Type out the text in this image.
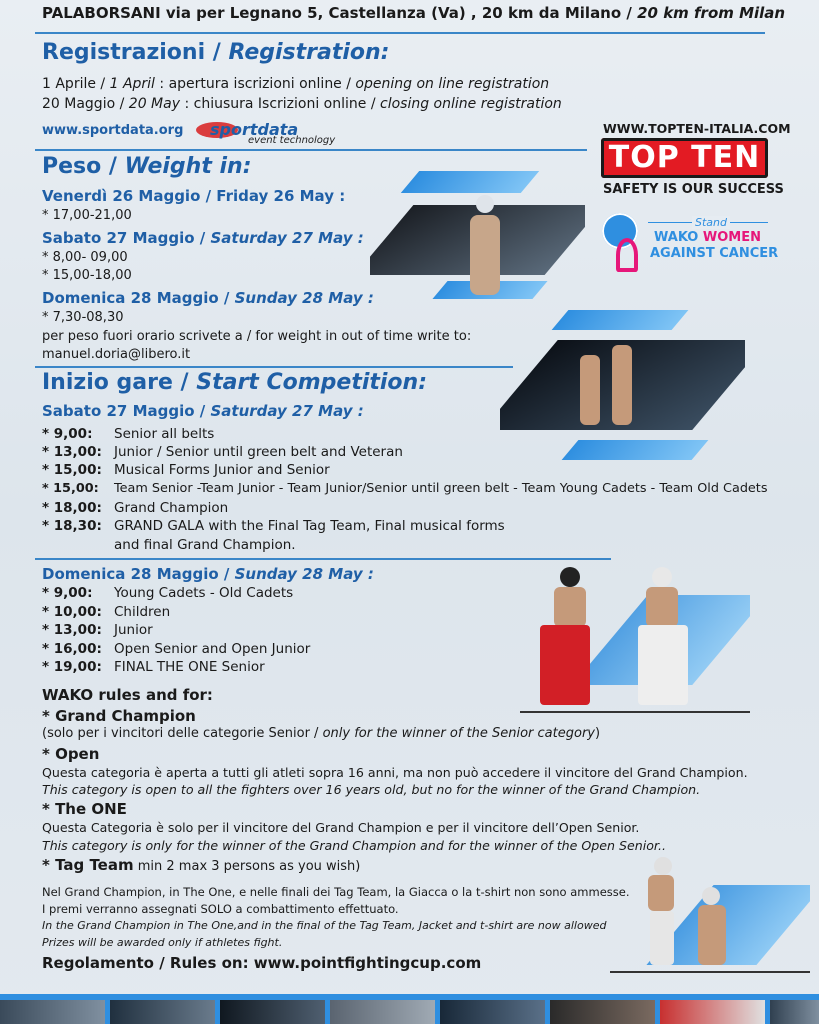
PALABORSANI via per Legnano 5, Castellanza (Va) , 20 km da Milano / 20 km from Milan
Registrazioni / Registration:
1 Aprile / 1 April : apertura iscrizioni online / opening on line registration
20 Maggio / 20 May : chiusura Iscrizioni online / closing online registration
www.sportdata.org sportdata
event technology
WWW.TOPTEN-ITALIA.COM
TOP TEN
SAFETY IS OUR SUCCESS
Stand
WAKO WOMEN
AGAINST CANCER
Peso / Weight in:
Venerdì 26 Maggio / Friday 26 May :
* 17,00-21,00
Sabato 27 Maggio / Saturday 27 May :
* 8,00- 09,00
* 15,00-18,00
Domenica 28 Maggio / Sunday 28 May :
* 7,30-08,30
per peso fuori orario scrivete a / for weight in out of time write to:
manuel.doria@libero.it
Inizio gare / Start Competition:
Sabato 27 Maggio / Saturday 27 May :
* 9,00: Senior all belts
* 13,00: Junior / Senior until green belt and Veteran
* 15,00: Musical Forms Junior and Senior
* 15,00: Team Senior -Team Junior - Team Junior/Senior until green belt - Team Young Cadets - Team Old Cadets
* 18,00: Grand Champion
* 18,30: GRAND GALA with the Final Tag Team, Final musical forms
and final Grand Champion.
Domenica 28 Maggio / Sunday 28 May :
* 9,00: Young Cadets - Old Cadets
* 10,00: Children
* 13,00: Junior
* 16,00: Open Senior and Open Junior
* 19,00: FINAL THE ONE Senior
WAKO rules and for:
* Grand Champion
(solo per i vincitori delle categorie Senior / only for the winner of the Senior category)
* Open
Questa categoria è aperta a tutti gli atleti sopra 16 anni, ma non può accedere il vincitore del Grand Champion.
This category is open to all the fighters over 16 years old, but no for the winner of the Grand Champion.
* The ONE
Questa Categoria è solo per il vincitore del Grand Champion e per il vincitore dell’Open Senior.
This category is only for the winner of the Grand Champion and for the winner of the Open Senior..
* Tag Team min 2 max 3 persons as you wish)
Nel Grand Champion, in The One, e nelle finali dei Tag Team, la Giacca o la t-shirt non sono ammesse.
I premi verranno assegnati SOLO a combattimento effettuato.
In the Grand Champion in The One,and in the final of the Tag Team, Jacket and t-shirt are now allowed
Prizes will be awarded only if athletes fight.
Regolamento / Rules on: www.pointfightingcup.com
